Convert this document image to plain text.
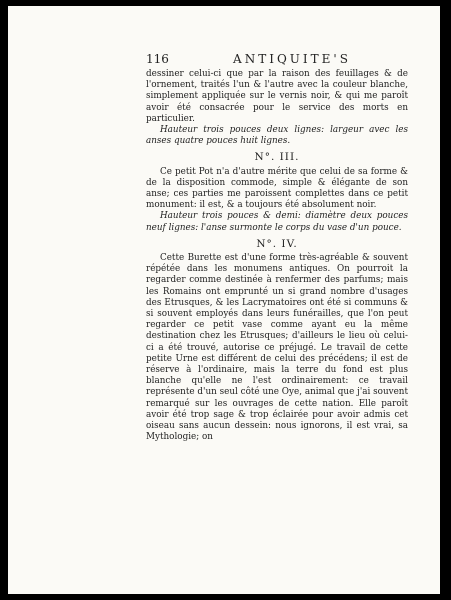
116	ANTIQUITE'S

dessiner celui-ci que par la raison des feuillages & de l'ornement, traités l'un & l'autre avec la couleur blanche, simplement appliquée sur le vernis noir, & qui me paroît avoir été consacrée pour le service des morts en particulier.

Hauteur trois pouces deux lignes: largeur avec les anses quatre pouces huit lignes.

N°. III.

Ce petit Pot n'a d'autre mérite que celui de sa forme & de la disposition commode, simple & élégante de son anse; ces parties me paroissent complettes dans ce petit monument: il est, & a toujours été absolument noir.

Hauteur trois pouces & demi: diamètre deux pouces neuf lignes: l'anse surmonte le corps du vase d'un pouce.

N°. IV.

Cette Burette est d'une forme très-agréable & souvent répétée dans les monumens antiques. On pourroit la regarder comme destinée à renfermer des parfums; mais les Romains ont emprunté un si grand nombre d'usages des Etrusques, & les Lacrymatoires ont été si communs & si souvent employés dans leurs funérailles, que l'on peut regarder ce petit vase comme ayant eu la même destination chez les Etrusques; d'ailleurs le lieu où celui-ci a été trouvé, autorise ce préjugé. Le travail de cette petite Urne est différent de celui des précédens; il est de réserve à l'ordinaire, mais la terre du fond est plus blanche qu'elle ne l'est ordinairement: ce travail représente d'un seul côté une Oye, animal que j'ai souvent remarqué sur les ouvrages de cette nation. Elle paroît avoir été trop sage & trop éclairée pour avoir admis cet oiseau sans aucun dessein: nous ignorons, il est vrai, sa Mythologie; on
